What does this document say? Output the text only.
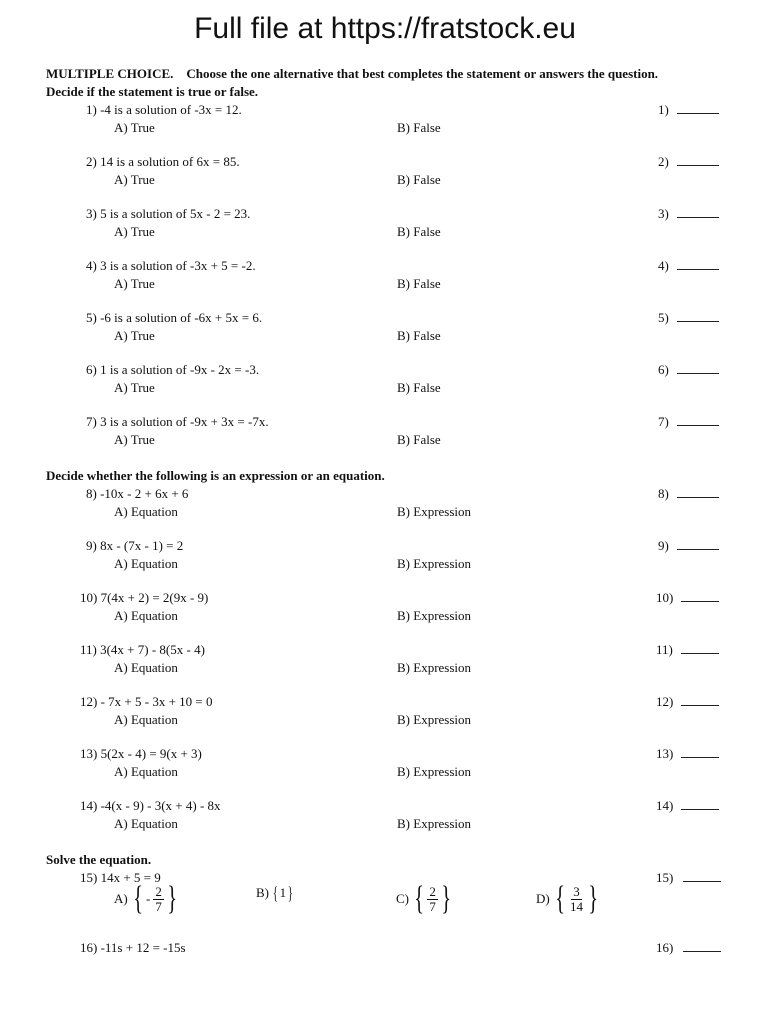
Full file at https://fratstock.eu
MULTIPLE CHOICE. Choose the one alternative that best completes the statement or answers the question.
Decide if the statement is true or false.
Decide whether the following is an expression or an equation.
Solve the equation.
1) -4 is a solution of -3x = 12.	1)
A) True	B) False
2) 14 is a solution of 6x = 85.	2)
A) True	B) False
3) 5 is a solution of 5x - 2 = 23.	3)
A) True	B) False
4) 3 is a solution of -3x + 5 = -2.	4)
A) True	B) False
5) -6 is a solution of -6x + 5x = 6.	5)
A) True	B) False
6) 1 is a solution of -9x - 2x = -3.	6)
A) True	B) False
7) 3 is a solution of -9x + 3x = -7x.	7)
A) True	B) False
8) -10x - 2 + 6x + 6	8)
A) Equation	B) Expression
9) 8x - (7x - 1) = 2	9)
A) Equation	B) Expression
10) 7(4x + 2) = 2(9x - 9)	10)
A) Equation	B) Expression
11) 3(4x + 7) - 8(5x - 4)	11)
A) Equation	B) Expression
12) - 7x + 5 - 3x + 10 = 0	12)
A) Equation	B) Expression
13) 5(2x - 4) = 9(x + 3)	13)
A) Equation	B) Expression
14) -4(x - 9) - 3(x + 4) - 8x	14)
A) Equation	B) Expression
15) 14x + 5 = 9	15)
A) { - $\frac{2}{7}$ }	B) { 1 }	C) { $\frac{2}{7}$ }	D) { $\frac{3}{14}$ }
16) -11s + 12 = -15s	16)
